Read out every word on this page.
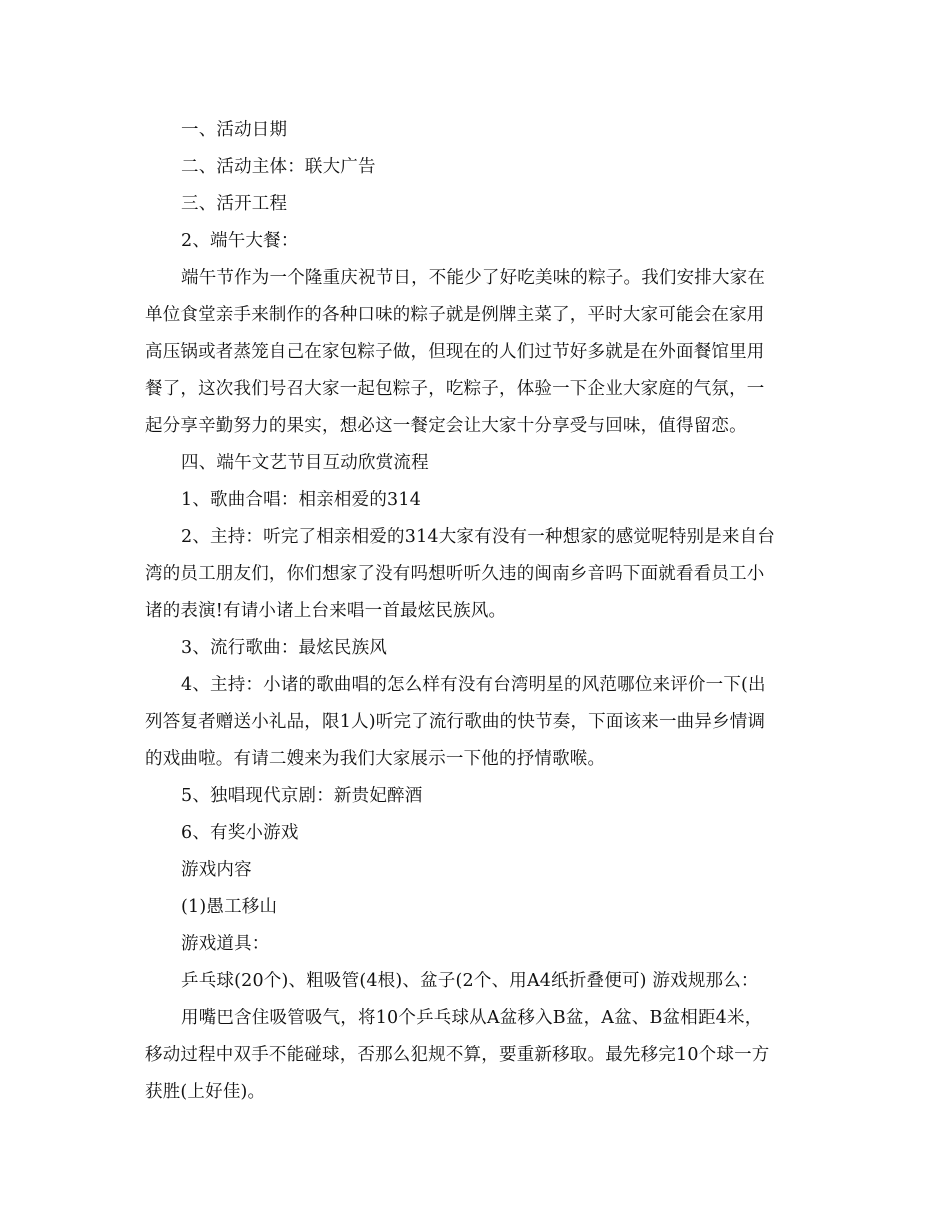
一、活动日期
二、活动主体：联大广告
三、活开工程
2、端午大餐：
端午节作为一个隆重庆祝节日，不能少了好吃美味的粽子。我们安排大家在
单位食堂亲手来制作的各种口味的粽子就是例牌主菜了，平时大家可能会在家用
高压锅或者蒸笼自己在家包粽子做，但现在的人们过节好多就是在外面餐馆里用
餐了，这次我们号召大家一起包粽子，吃粽子，体验一下企业大家庭的气氛，一
起分享辛勤努力的果实，想必这一餐定会让大家十分享受与回味，值得留恋。
四、端午文艺节目互动欣赏流程
1、歌曲合唱：相亲相爱的314
2、主持：听完了相亲相爱的314大家有没有一种想家的感觉呢特别是来自台
湾的员工朋友们，你们想家了没有吗想听听久违的闽南乡音吗下面就看看员工小
诸的表演!有请小诸上台来唱一首最炫民族风。
3、流行歌曲：最炫民族风
4、主持：小诸的歌曲唱的怎么样有没有台湾明星的风范哪位来评价一下(出
列答复者赠送小礼品，限1人)听完了流行歌曲的快节奏，下面该来一曲异乡情调
的戏曲啦。有请二嫂来为我们大家展示一下他的抒情歌喉。
5、独唱现代京剧：新贵妃醉酒
6、有奖小游戏
游戏内容
(1)愚工移山
游戏道具：
乒乓球(20个)、粗吸管(4根)、盆子(2个、用A4纸折叠便可) 游戏规那么：
用嘴巴含住吸管吸气，将10个乒乓球从A盆移入B盆，A盆、B盆相距4米，
移动过程中双手不能碰球，否那么犯规不算，要重新移取。最先移完10个球一方
获胜(上好佳)。
